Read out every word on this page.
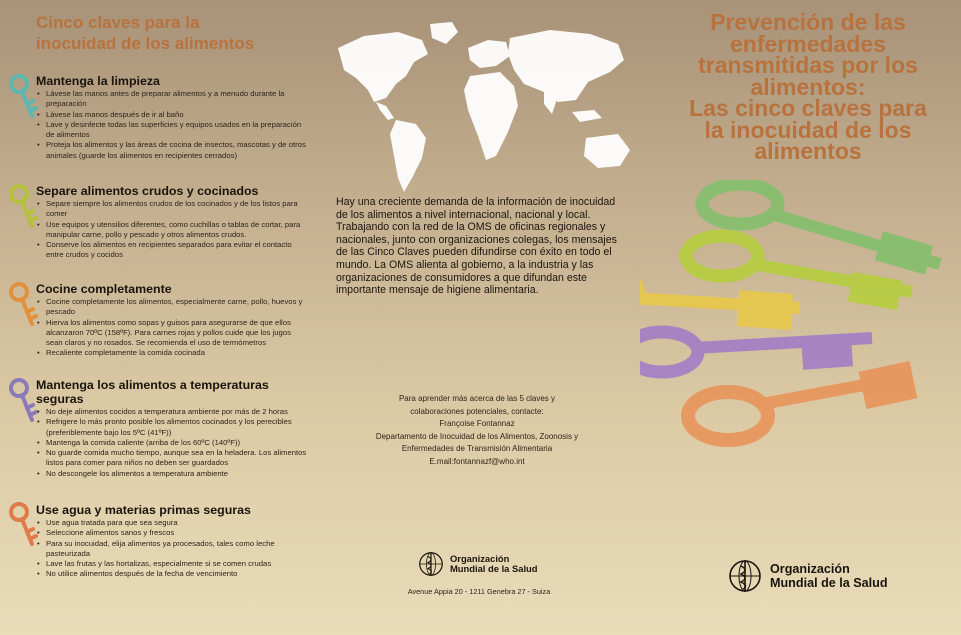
Cinco claves para la
inocuidad de los alimentos
Mantenga la limpieza
• Lávese las manos antes de preparar alimentos y a menudo durante la preparación
• Lávese las manos después de ir al baño
• Lave y desinfecte todas las superficies y equipos usados en la preparación de alimentos
• Proteja los alimentos y las áreas de cocina de insectos, mascotas y de otros animales (guarde los alimentos en recipientes cerrados)
Separe alimentos crudos y cocinados
• Separe siempre los alimentos crudos de los cocinados y de los listos para comer
• Use equipos y utensilios diferentes, como cuchillas o tablas de cortar, para manipular carne, pollo y pescado y otros alimentos crudos.
• Conserve los alimentos en recipientes separados para evitar el contacto entre crudos y cocidos
Cocine completamente
• Cocine completamente los alimentos, especialmente carne, pollo, huevos y pescado
• Hierva los alimentos como sopas y guisos para asegurarse de que ellos alcanzaron 70ºC (158ºF). Para carnes rojas y pollos cuide que los jugos sean claros y no rosados. Se recomienda el uso de termómetros
• Recaliente completamente la comida cocinada
Mantenga los alimentos a temperaturas seguras
• No deje alimentos cocidos a temperatura ambiente por más de 2 horas
• Refrigere lo más pronto posible los alimentos cocinados y los perecibles (preferiblemente bajo los 5ºC (41ºF))
• Mantenga la comida caliente (arriba de los 60ºC (140ºF))
• No guarde comida mucho tiempo, aunque sea en la heladera. Los alimentos listos para comer para niños no deben ser guardados
• No descongele los alimentos a temperatura ambiente
Use agua y materias primas seguras
• Use agua tratada para que sea segura
• Seleccione alimentos sanos y frescos
• Para su inocuidad, elija alimentos ya procesados, tales como leche pasteurizada
• Lave las frutas y las hortalizas, especialmente si se comen crudas
• No utilice alimentos después de la fecha de vencimiento

Hay una creciente demanda de la información de inocuidad de los alimentos a nivel internacional, nacional y local. Trabajando con la red de la OMS de oficinas regionales y nacionales, junto con organizaciones colegas, los mensajes de las Cinco Claves pueden difundirse con éxito en todo el mundo. La OMS alienta al gobierno, a la industria y las organizaciones de consumidores a que difundan este importante mensaje de higiene alimentaria.

Para aprender más acerca de las 5 claves y
colaboraciones potenciales, contacte:
Françoise Fontannaz
Departamento de Inocuidad de los Alimentos, Zoonosis y
Enfermedades de Transmisión Alimentaria
E.mail:fontannazf@who.int
Organización
Mundial de la Salud
Avenue Appia 20 - 1211 Genebra 27 - Suiza
Prevención de las
enfermedades
transmitidas por los
alimentos:
Las cinco claves para
la inocuidad de los
alimentos
Organización
Mundial de la Salud
